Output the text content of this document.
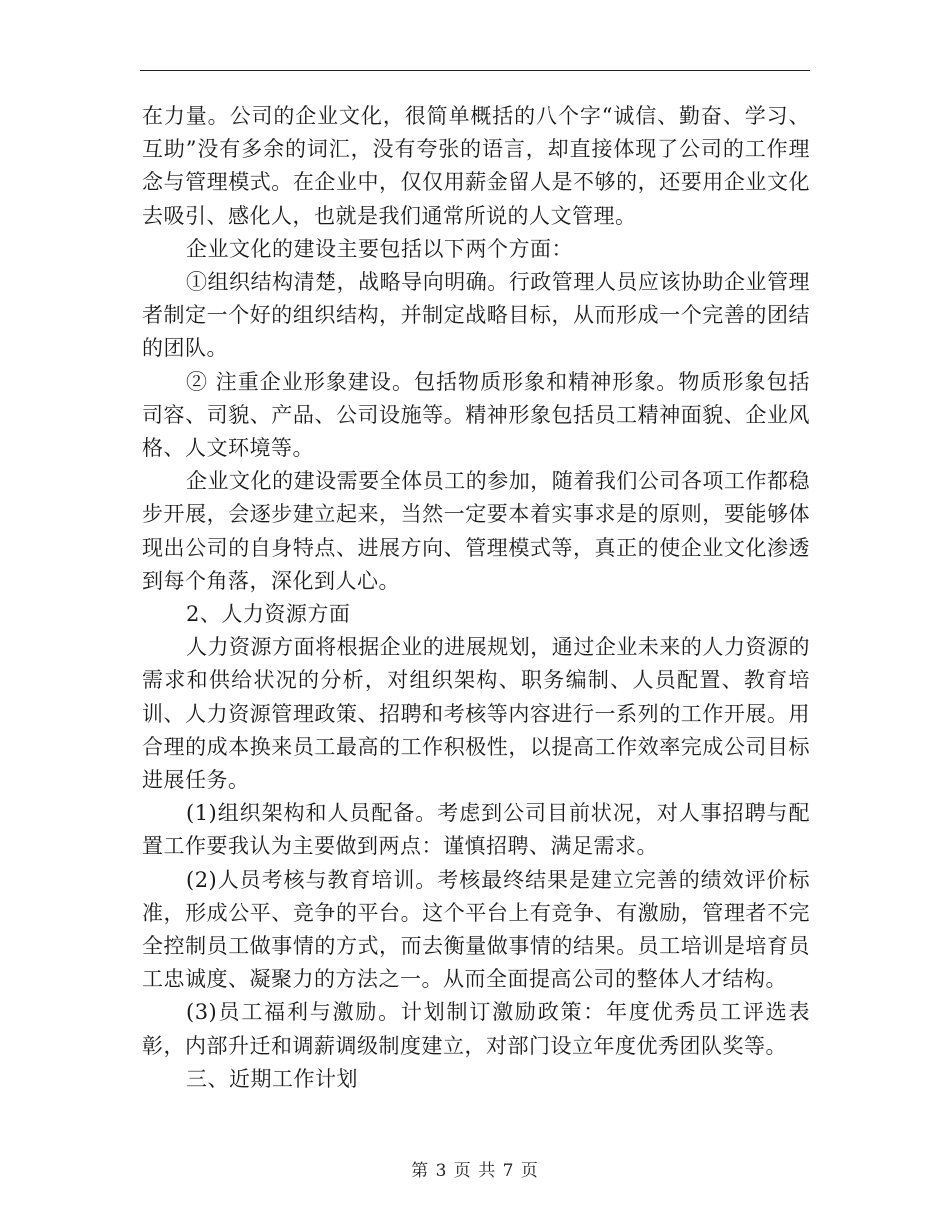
在力量。公司的企业文化，很简单概括的八个字“诚信、勤奋、学习、互助”没有多余的词汇，没有夸张的语言，却直接体现了公司的工作理念与管理模式。在企业中，仅仅用薪金留人是不够的，还要用企业文化去吸引、感化人，也就是我们通常所说的人文管理。

企业文化的建设主要包括以下两个方面：

①组织结构清楚，战略导向明确。行政管理人员应该协助企业管理者制定一个好的组织结构，并制定战略目标，从而形成一个完善的团结的团队。

② 注重企业形象建设。包括物质形象和精神形象。物质形象包括司容、司貌、产品、公司设施等。精神形象包括员工精神面貌、企业风格、人文环境等。

企业文化的建设需要全体员工的参加，随着我们公司各项工作都稳步开展，会逐步建立起来，当然一定要本着实事求是的原则，要能够体现出公司的自身特点、进展方向、管理模式等，真正的使企业文化渗透到每个角落，深化到人心。

2、人力资源方面

人力资源方面将根据企业的进展规划，通过企业未来的人力资源的需求和供给状况的分析，对组织架构、职务编制、人员配置、教育培训、人力资源管理政策、招聘和考核等内容进行一系列的工作开展。用合理的成本换来员工最高的工作积极性，以提高工作效率完成公司目标进展任务。

(1)组织架构和人员配备。考虑到公司目前状况，对人事招聘与配置工作要我认为主要做到两点：谨慎招聘、满足需求。

(2)人员考核与教育培训。考核最终结果是建立完善的绩效评价标准，形成公平、竞争的平台。这个平台上有竞争、有激励，管理者不完全控制员工做事情的方式，而去衡量做事情的结果。员工培训是培育员工忠诚度、凝聚力的方法之一。从而全面提高公司的整体人才结构。

(3)员工福利与激励。计划制订激励政策：年度优秀员工评选表彰，内部升迁和调薪调级制度建立，对部门设立年度优秀团队奖等。

三、近期工作计划

第 3 页 共 7 页
